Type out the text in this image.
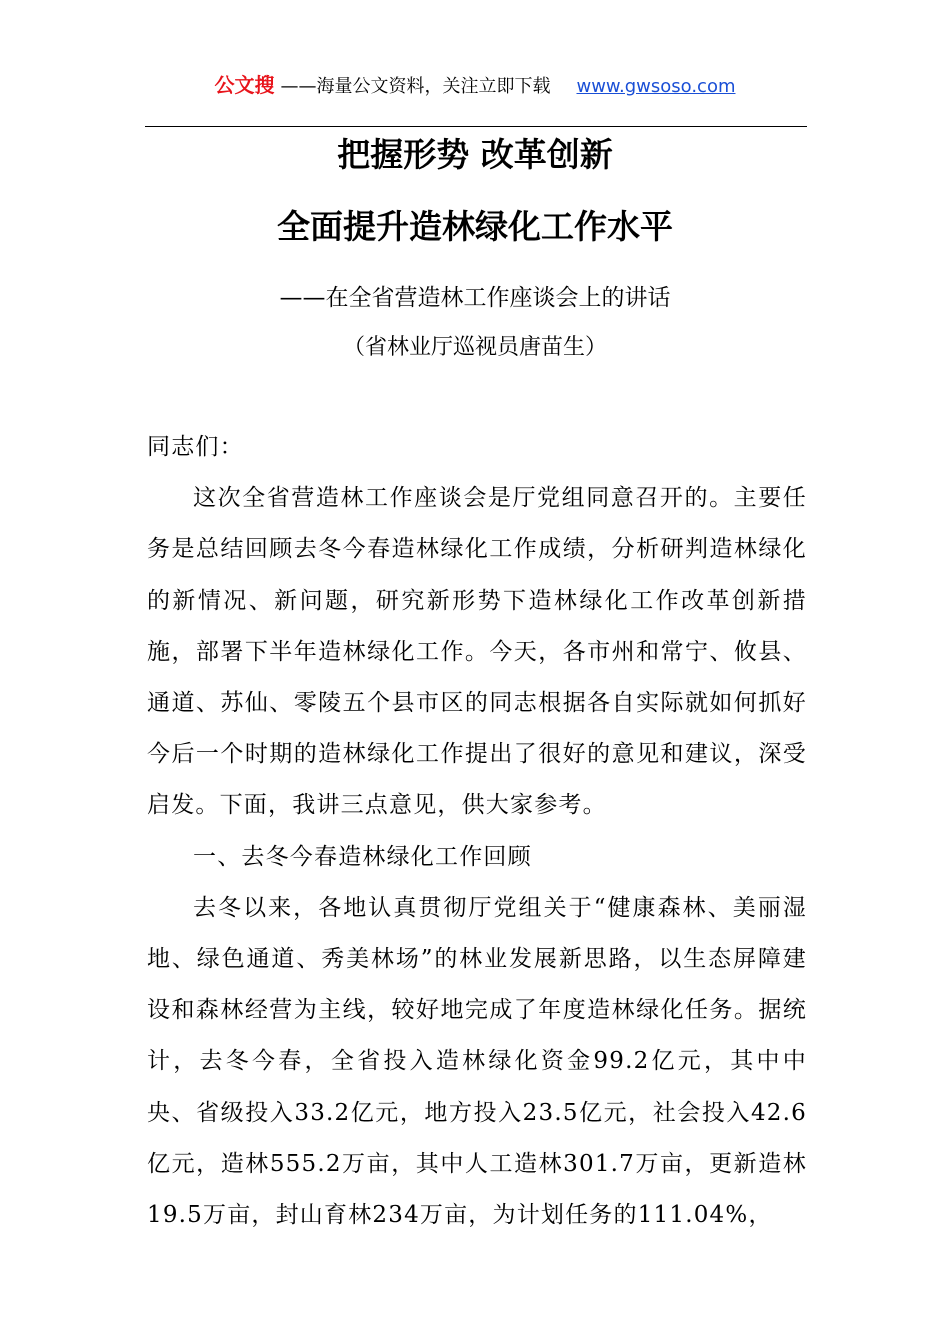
公文搜 ——海量公文资料，关注立即下载 www.gwsoso.com
把握形势 改革创新
全面提升造林绿化工作水平
——在全省营造林工作座谈会上的讲话
（省林业厅巡视员唐苗生）

同志们：

这次全省营造林工作座谈会是厅党组同意召开的。主要任务是总结回顾去冬今春造林绿化工作成绩，分析研判造林绿化的新情况、新问题，研究新形势下造林绿化工作改革创新措施，部署下半年造林绿化工作。今天，各市州和常宁、攸县、通道、苏仙、零陵五个县市区的同志根据各自实际就如何抓好今后一个时期的造林绿化工作提出了很好的意见和建议，深受启发。下面，我讲三点意见，供大家参考。

一、去冬今春造林绿化工作回顾

去冬以来，各地认真贯彻厅党组关于“健康森林、美丽湿地、绿色通道、秀美林场”的林业发展新思路，以生态屏障建设和森林经营为主线，较好地完成了年度造林绿化任务。据统计，去冬今春，全省投入造林绿化资金99.2亿元，其中中央、省级投入33.2亿元，地方投入23.5亿元，社会投入42.6亿元，造林555.2万亩，其中人工造林301.7万亩，更新造林19.5万亩，封山育林234万亩，为计划任务的111.04%，
